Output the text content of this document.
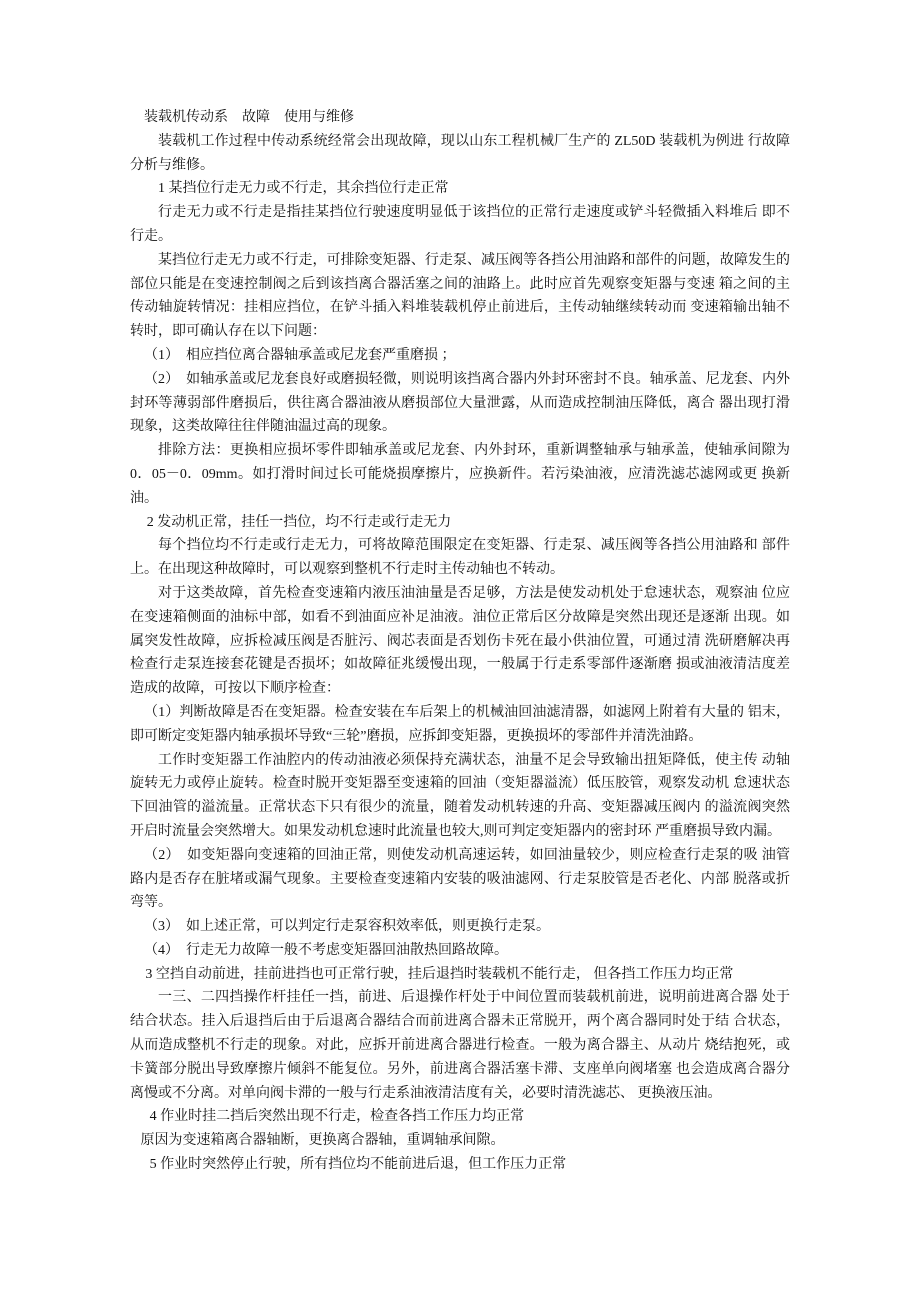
装载机传动系　故障　使用与维修

装载机工作过程中传动系统经常会出现故障，现以山东工程机械厂生产的 ZL50D 装载机为例进 行故障分析与维修。

1 某挡位行走无力或不行走，其余挡位行走正常

行走无力或不行走是指挂某挡位行驶速度明显低于该挡位的正常行走速度或铲斗轻微插入料堆后 即不行走。

某挡位行走无力或不行走，可排除变矩器、行走泵、减压阀等各挡公用油路和部件的问题，故障发生的部位只能是在变速控制阀之后到该挡离合器活塞之间的油路上。此时应首先观察变矩器与变速 箱之间的主传动轴旋转情况：挂相应挡位，在铲斗插入料堆装载机停止前进后，主传动轴继续转动而 变速箱输出轴不转时，即可确认存在以下问题：

（1）　相应挡位离合器轴承盖或尼龙套严重磨损 ；

（2）　如轴承盖或尼龙套良好或磨损轻微，则说明该挡离合器内外封环密封不良。轴承盖、尼龙套、内外封环等薄弱部件磨损后，供往离合器油液从磨损部位大量泄露，从而造成控制油压降低，离合 器出现打滑现象，这类故障往往伴随油温过高的现象。

排除方法：更换相应损坏零件即轴承盖或尼龙套、内外封环，重新调整轴承与轴承盖，使轴承间隙为0．05－0．09mm。如打滑时间过长可能烧损摩擦片，应换新件。若污染油液，应清洗滤芯滤网或更 换新油。

2 发动机正常，挂任一挡位，均不行走或行走无力

每个挡位均不行走或行走无力，可将故障范围限定在变矩器、行走泵、减压阀等各挡公用油路和 部件上。在出现这种故障时，可以观察到整机不行走时主传动轴也不转动。

对于这类故障，首先检查变速箱内液压油油量是否足够，方法是使发动机处于怠速状态，观察油 位应在变速箱侧面的油标中部，如看不到油面应补足油液。油位正常后区分故障是突然出现还是逐渐 出现。如属突发性故障，应拆检减压阀是否脏污、阀芯表面是否划伤卡死在最小供油位置，可通过清 洗研磨解决再检查行走泵连接套花键是否损坏；如故障征兆缓慢出现，一般属于行走系零部件逐渐磨 损或油液清洁度差造成的故障，可按以下顺序检查：

（1）判断故障是否在变矩器。检查安装在车后架上的机械油回油滤清器，如滤网上附着有大量的 铝末，即可断定变矩器内轴承损坏导致“三轮”磨损，应拆卸变矩器，更换损坏的零部件并清洗油路。

工作时变矩器工作油腔内的传动油液必须保持充满状态，油量不足会导致输出扭矩降低，使主传 动轴旋转无力或停止旋转。检查时脱开变矩器至变速箱的回油（变矩器溢流）低压胶管，观察发动机 怠速状态下回油管的溢流量。正常状态下只有很少的流量，随着发动机转速的升高、变矩器减压阀内 的溢流阀突然开启时流量会突然增大。如果发动机怠速时此流量也较大,则可判定变矩器内的密封环 严重磨损导致内漏。

（2）　如变矩器向变速箱的回油正常，则使发动机高速运转，如回油量较少，则应检查行走泵的吸 油管路内是否存在脏堵或漏气现象。主要检查变速箱内安装的吸油滤网、行走泵胶管是否老化、内部 脱落或折弯等。

（3）　如上述正常，可以判定行走泵容积效率低，则更换行走泵。

（4）　行走无力故障一般不考虑变矩器回油散热回路故障。

3 空挡自动前进，挂前进挡也可正常行驶，挂后退挡时装载机不能行走， 但各挡工作压力均正常

一三、二四挡操作杆挂任一挡，前进、后退操作杆处于中间位置而装载机前进，说明前进离合器 处于结合状态。挂入后退挡后由于后退离合器结合而前进离合器未正常脱开，两个离合器同时处于结 合状态，从而造成整机不行走的现象。对此，应拆开前进离合器进行检查。一般为离合器主、从动片 烧结抱死，或卡簧部分脱出导致摩擦片倾斜不能复位。另外，前进离合器活塞卡滞、支座单向阀堵塞 也会造成离合器分离慢或不分离。对单向阀卡滞的一般与行走系油液清洁度有关，必要时清洗滤芯、 更换液压油。

4 作业时挂二挡后突然出现不行走，检查各挡工作压力均正常

原因为变速箱离合器轴断，更换离合器轴，重调轴承间隙。

5 作业时突然停止行驶，所有挡位均不能前进后退，但工作压力正常
